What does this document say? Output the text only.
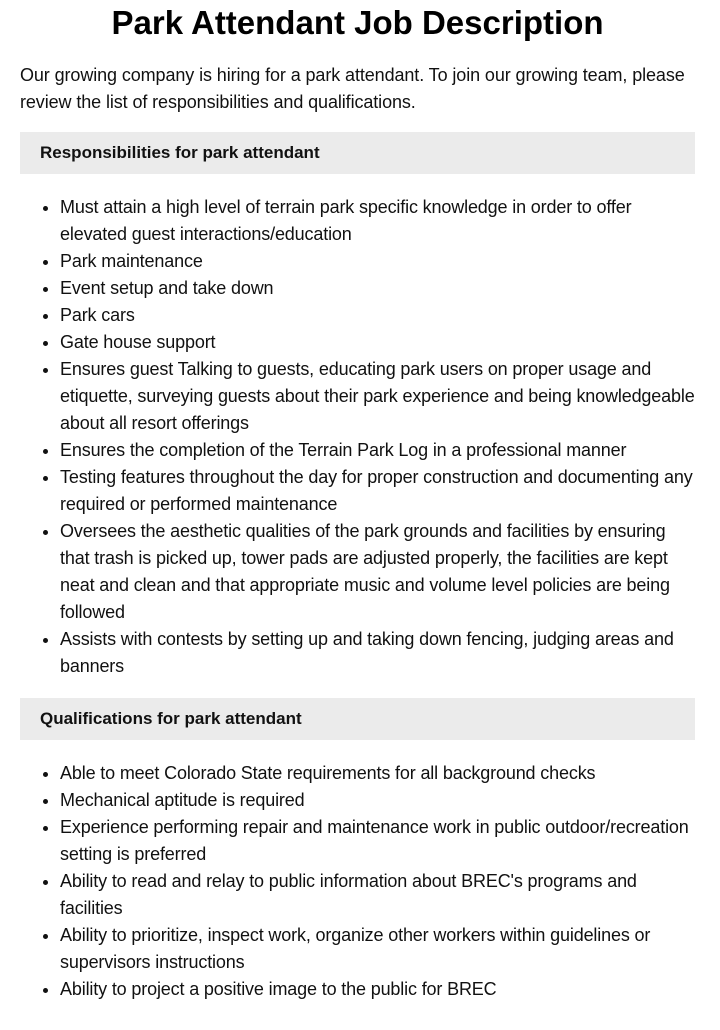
Park Attendant Job Description

Our growing company is hiring for a park attendant. To join our growing team, please review the list of responsibilities and qualifications.

Responsibilities for park attendant
• Must attain a high level of terrain park specific knowledge in order to offer elevated guest interactions/education
• Park maintenance
• Event setup and take down
• Park cars
• Gate house support
• Ensures guest Talking to guests, educating park users on proper usage and etiquette, surveying guests about their park experience and being knowledgeable about all resort offerings
• Ensures the completion of the Terrain Park Log in a professional manner
• Testing features throughout the day for proper construction and documenting any required or performed maintenance
• Oversees the aesthetic qualities of the park grounds and facilities by ensuring that trash is picked up, tower pads are adjusted properly, the facilities are kept neat and clean and that appropriate music and volume level policies are being followed
• Assists with contests by setting up and taking down fencing, judging areas and banners
Qualifications for park attendant
• Able to meet Colorado State requirements for all background checks
• Mechanical aptitude is required
• Experience performing repair and maintenance work in public outdoor/recreation setting is preferred
• Ability to read and relay to public information about BREC's programs and facilities
• Ability to prioritize, inspect work, organize other workers within guidelines or supervisors instructions
• Ability to project a positive image to the public for BREC
